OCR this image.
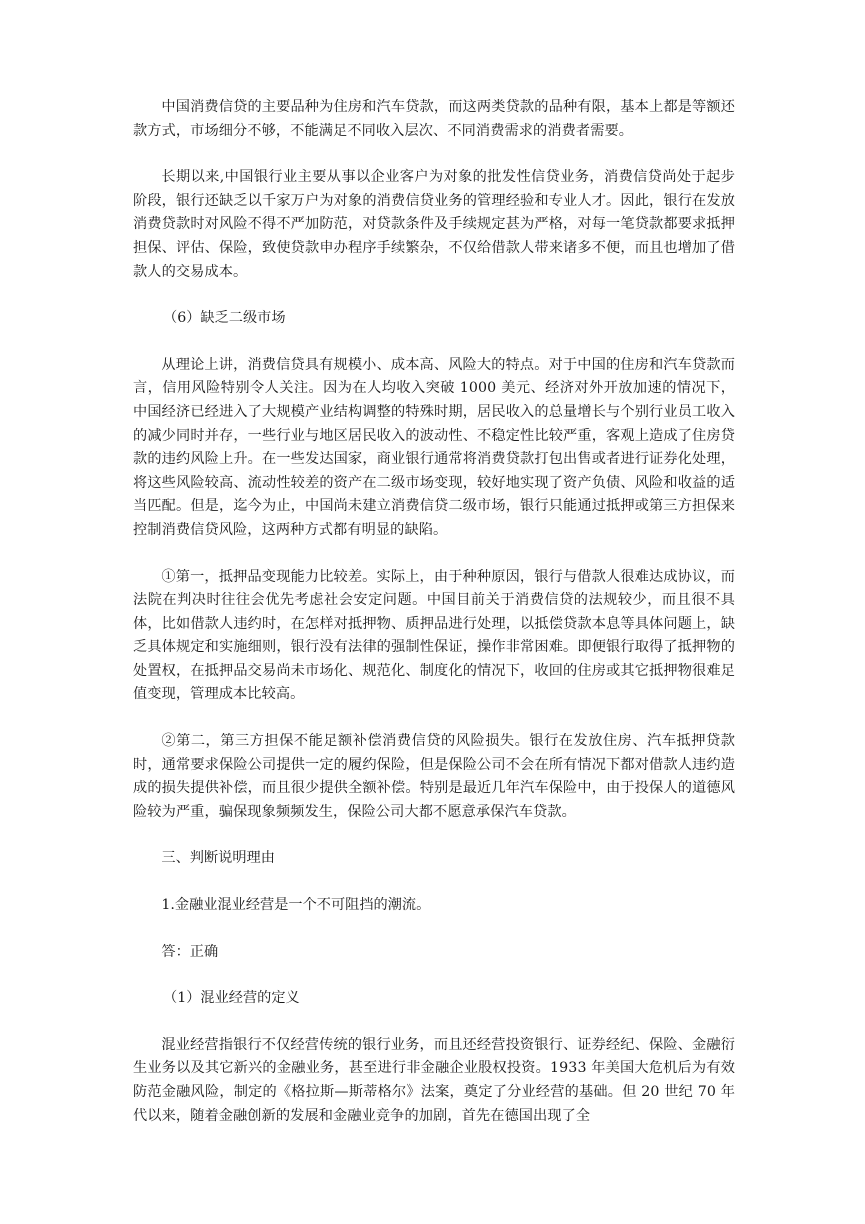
中国消费信贷的主要品种为住房和汽车贷款，而这两类贷款的品种有限，基本上都是等额还款方式，市场细分不够，不能满足不同收入层次、不同消费需求的消费者需要。

长期以来,中国银行业主要从事以企业客户为对象的批发性信贷业务，消费信贷尚处于起步阶段，银行还缺乏以千家万户为对象的消费信贷业务的管理经验和专业人才。因此，银行在发放消费贷款时对风险不得不严加防范，对贷款条件及手续规定甚为严格，对每一笔贷款都要求抵押担保、评估、保险，致使贷款申办程序手续繁杂，不仅给借款人带来诸多不便，而且也增加了借款人的交易成本。

（6）缺乏二级市场

从理论上讲，消费信贷具有规模小、成本高、风险大的特点。对于中国的住房和汽车贷款而言，信用风险特别令人关注。因为在人均收入突破 1000 美元、经济对外开放加速的情况下，中国经济已经进入了大规模产业结构调整的特殊时期，居民收入的总量增长与个别行业员工收入的减少同时并存，一些行业与地区居民收入的波动性、不稳定性比较严重，客观上造成了住房贷款的违约风险上升。在一些发达国家，商业银行通常将消费贷款打包出售或者进行证券化处理，将这些风险较高、流动性较差的资产在二级市场变现，较好地实现了资产负债、风险和收益的适当匹配。但是，迄今为止，中国尚未建立消费信贷二级市场，银行只能通过抵押或第三方担保来控制消费信贷风险，这两种方式都有明显的缺陷。

①第一，抵押品变现能力比较差。实际上，由于种种原因，银行与借款人很难达成协议，而法院在判决时往往会优先考虑社会安定问题。中国目前关于消费信贷的法规较少，而且很不具体，比如借款人违约时，在怎样对抵押物、质押品进行处理，以抵偿贷款本息等具体问题上，缺乏具体规定和实施细则，银行没有法律的强制性保证，操作非常困难。即便银行取得了抵押物的处置权，在抵押品交易尚未市场化、规范化、制度化的情况下，收回的住房或其它抵押物很难足值变现，管理成本比较高。

②第二，第三方担保不能足额补偿消费信贷的风险损失。银行在发放住房、汽车抵押贷款时，通常要求保险公司提供一定的履约保险，但是保险公司不会在所有情况下都对借款人违约造成的损失提供补偿，而且很少提供全额补偿。特别是最近几年汽车保险中，由于投保人的道德风险较为严重，骗保现象频频发生，保险公司大都不愿意承保汽车贷款。

三、判断说明理由

1.金融业混业经营是一个不可阻挡的潮流。

答：正确

（1）混业经营的定义

混业经营指银行不仅经营传统的银行业务，而且还经营投资银行、证券经纪、保险、金融衍生业务以及其它新兴的金融业务，甚至进行非金融企业股权投资。1933 年美国大危机后为有效防范金融风险，制定的《格拉斯—斯蒂格尔》法案，奠定了分业经营的基础。但 20 世纪 70 年代以来，随着金融创新的发展和金融业竞争的加剧，首先在德国出现了全
